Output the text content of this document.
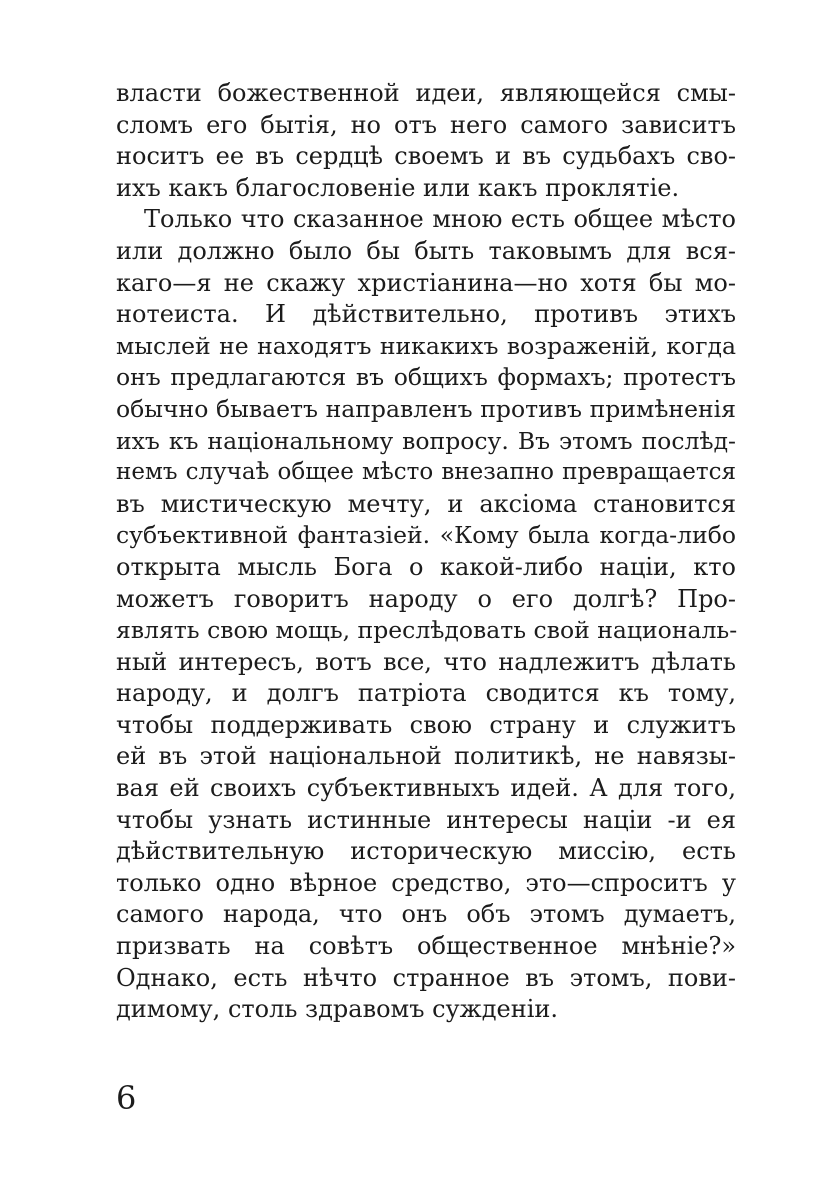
власти божественной идеи, являющейся смы-
сломъ его бытія, но отъ него самого зависитъ
носитъ ее въ сердцѣ своемъ и въ судьбахъ сво-
ихъ какъ благословеніе или какъ проклятіе.
Только что сказанное мною есть общее мѣсто
или должно было бы быть таковымъ для вся-
каго—я не скажу христіанина—но хотя бы мо-
нотеиста. И дѣйствительно, противъ этихъ
мыслей не находятъ никакихъ возраженій, когда
онъ предлагаются въ общихъ формахъ; протестъ
обычно бываетъ направленъ противъ примѣненія
ихъ къ національному вопросу. Въ этомъ послѣд-
немъ случаѣ общее мѣсто внезапно превращается
въ мистическую мечту, и аксіома становится
субъективной фантазіей. «Кому была когда-либо
открыта мысль Бога о какой-либо націи, кто
можетъ говоритъ народу о его долгѣ? Про-
являть свою мощь, преслѣдовать свой националь-
ный интересъ, вотъ все, что надлежитъ дѣлать
народу, и долгъ патріота сводится къ тому,
чтобы поддерживать свою страну и служитъ
ей въ этой національной политикѣ, не навязы-
вая ей своихъ субъективныхъ идей. А для того,
чтобы узнать истинные интересы націи -и ея
дѣйствительную историческую миссію, есть
только одно вѣрное средство, это—спроситъ у
самого народа, что онъ объ этомъ думаетъ,
призвать на совѣтъ общественное мнѣніе?»
Однако, есть нѣчто странное въ этомъ, пови-
димому, столь здравомъ сужденіи.
6
